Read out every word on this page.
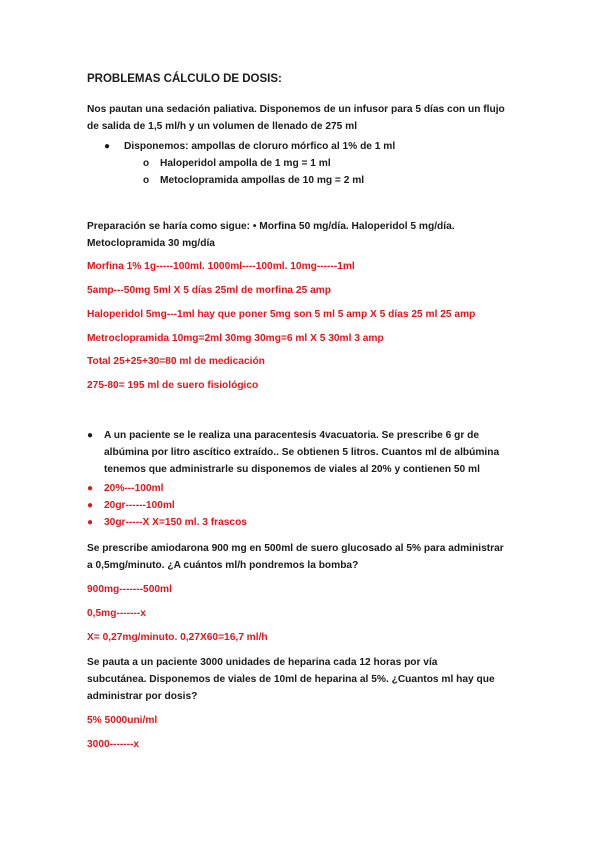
PROBLEMAS CÁLCULO DE DOSIS:

Nos pautan una sedación paliativa. Disponemos de un infusor para 5 días con un flujo

de salida de 1,5 ml/h y un volumen de llenado de 275 ml

● Disponemos: ampollas de cloruro mórfico al 1% de 1 ml

o Haloperidol ampolla de 1 mg = 1 ml

o Metoclopramida ampollas de 10 mg = 2 ml

Preparación se haría como sigue: • Morfina 50 mg/día. Haloperidol 5 mg/día.

Metoclopramida 30 mg/día

Morfina 1% 1g-----100ml. 1000ml----100ml. 10mg------1ml

5amp---50mg 5ml X 5 días 25ml de morfina 25 amp

Haloperidol 5mg---1ml hay que poner 5mg son 5 ml 5 amp X 5 días 25 ml 25 amp

Metroclopramida 10mg=2ml 30mg 30mg=6 ml X 5 30ml 3 amp

Total 25+25+30=80 ml de medicación

275-80= 195 ml de suero fisiológico

● A un paciente se le realiza una paracentesis 4vacuatoria. Se prescribe 6 gr de

albúmina por litro ascítico extraído.. Se obtienen 5 litros. Cuantos ml de albúmina

tenemos que administrarle su disponemos de viales al 20% y contienen 50 ml

● 20%---100ml

● 20gr------100ml

● 30gr-----X X=150 ml. 3 frascos

Se prescribe amiodarona 900 mg en 500ml de suero glucosado al 5% para administrar

a 0,5mg/minuto. ¿A cuántos ml/h pondremos la bomba?

900mg-------500ml

0,5mg-------x

X= 0,27mg/minuto. 0,27X60=16,7 ml/h

Se pauta a un paciente 3000 unidades de heparina cada 12 horas por vía

subcutánea. Disponemos de viales de 10ml de heparina al 5%. ¿Cuantos ml hay que

administrar por dosis?

5% 5000uni/ml

3000-------x
